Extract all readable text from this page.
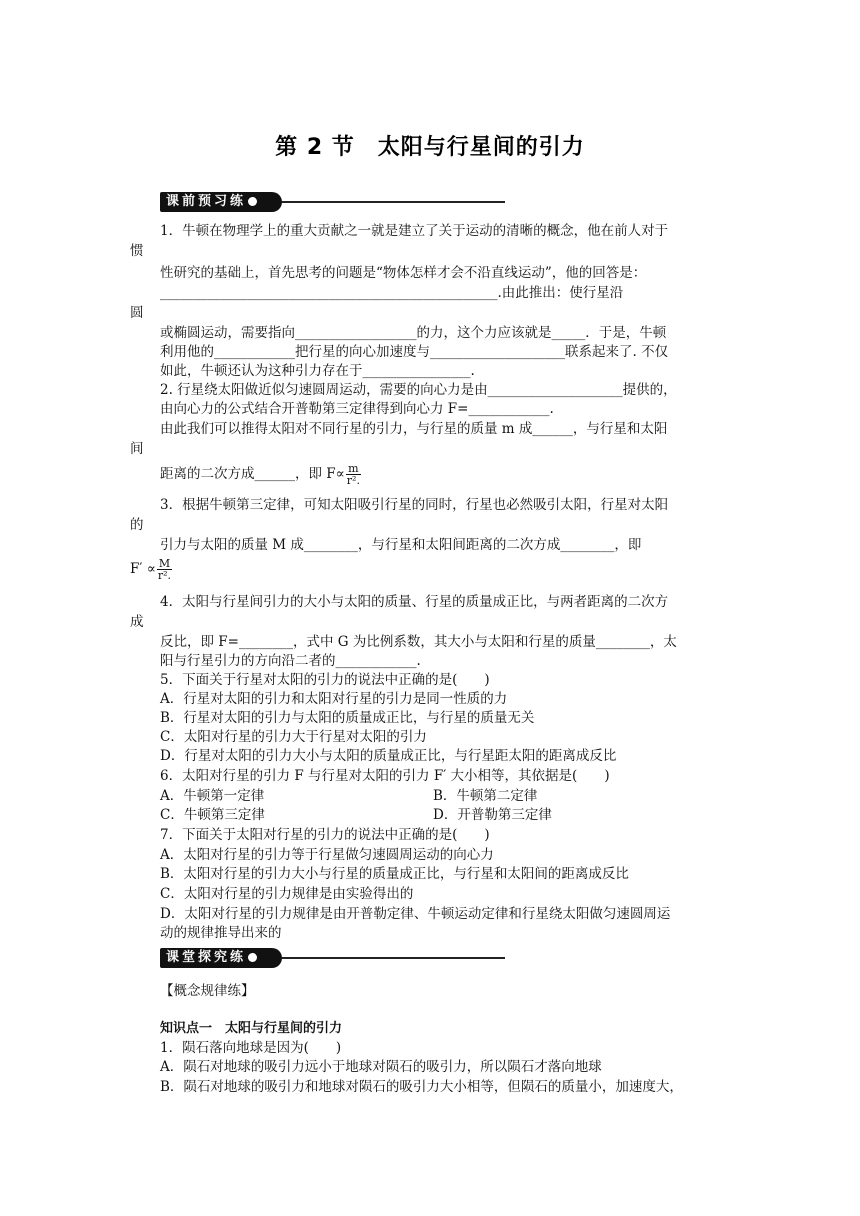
第 2 节　太阳与行星间的引力
课前预习练
1．牛顿在物理学上的重大贡献之一就是建立了关于运动的清晰的概念，他在前人对于
惯
性研究的基础上，首先思考的问题是“物体怎样才会不沿直线运动”，他的回答是：
__________________________________________________.由此推出：使行星沿
圆
或椭圆运动，需要指向__________________的力，这个力应该就是_____．于是，牛顿
利用他的____________把行星的向心加速度与____________________联系起来了. 不仅
如此，牛顿还认为这种引力存在于________________.
2. 行星绕太阳做近似匀速圆周运动，需要的向心力是由____________________提供的，
由向心力的公式结合开普勒第三定律得到向心力 F=____________.
由此我们可以推得太阳对不同行星的引力，与行星的质量 m 成______，与行星和太阳
间
距离的二次方成______，即 $F\propto \frac{m}{\text{r².}}$
3．根据牛顿第三定律，可知太阳吸引行星的同时，行星也必然吸引太阳，行星对太阳
的
引力与太阳的质量 M 成________，与行星和太阳间距离的二次方成________，即
$F' \propto \frac{M}{\text{r².}}$
4．太阳与行星间引力的大小与太阳的质量、行星的质量成正比，与两者距离的二次方
成
反比，即 F=________，式中 G 为比例系数，其大小与太阳和行星的质量________，太
阳与行星引力的方向沿二者的____________.
5．下面关于行星对太阳的引力的说法中正确的是(　　)
A．行星对太阳的引力和太阳对行星的引力是同一性质的力
B．行星对太阳的引力与太阳的质量成正比，与行星的质量无关
C．太阳对行星的引力大于行星对太阳的引力
D．行星对太阳的引力大小与太阳的质量成正比，与行星距太阳的距离成反比
6．太阳对行星的引力 F 与行星对太阳的引力 F′ 大小相等，其依据是(　　)
A．牛顿第一定律	B．牛顿第二定律
C．牛顿第三定律	D．开普勒第三定律
7．下面关于太阳对行星的引力的说法中正确的是(　　)
A．太阳对行星的引力等于行星做匀速圆周运动的向心力
B．太阳对行星的引力大小与行星的质量成正比，与行星和太阳间的距离成反比
C．太阳对行星的引力规律是由实验得出的
D．太阳对行星的引力规律是由开普勒定律、牛顿运动定律和行星绕太阳做匀速圆周运
动的规律推导出来的
课堂探究练
【概念规律练】
知识点一　太阳与行星间的引力
1．陨石落向地球是因为(　　)
A．陨石对地球的吸引力远小于地球对陨石的吸引力，所以陨石才落向地球
B．陨石对地球的吸引力和地球对陨石的吸引力大小相等，但陨石的质量小，加速度大，
